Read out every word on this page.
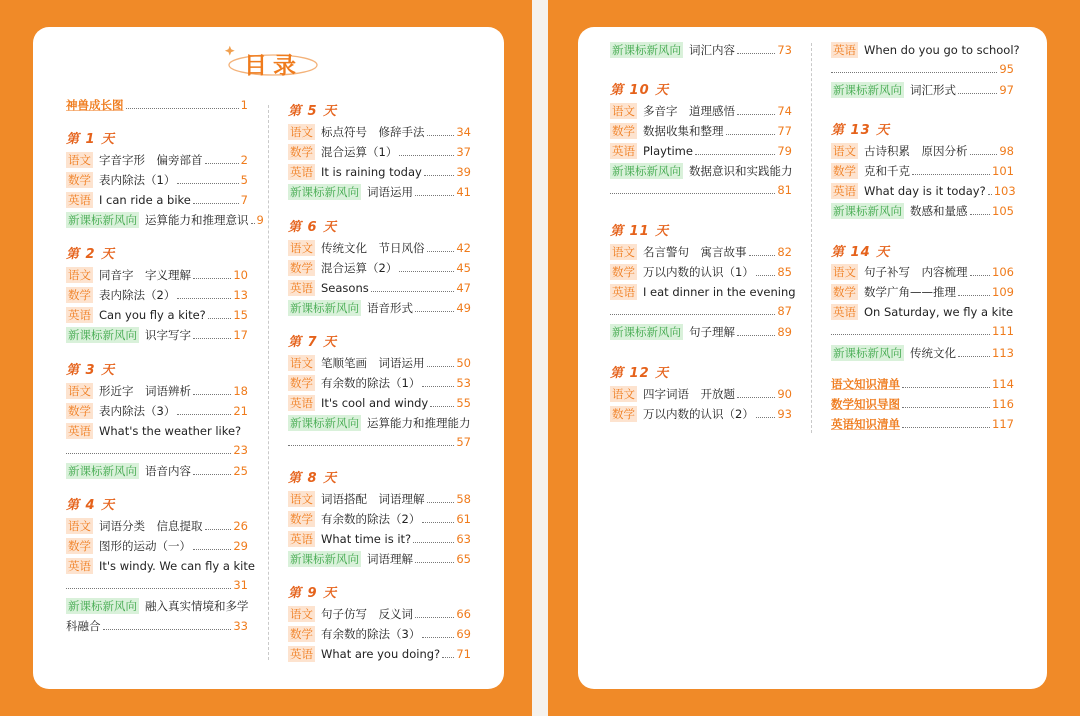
目录
神兽成长图	1
第 1 天
语文 字音字形　偏旁部首	2
数学 表内除法（1）	5
英语 I can ride a bike	7
新课标新风向 运算能力和推理意识 9
第 2 天
语文 同音字　字义理解	10
数学 表内除法（2）	13
英语 Can you fly a kite? 15
新课标新风向 识字写字	17
第 3 天
语文 形近字　词语辨析	18
数学 表内除法（3）	21
英语 What's the weather like?
23
新课标新风向 语音内容	25
第 4 天
语文 词语分类　信息提取	26
数学 图形的运动（一）	29
英语 It's windy. We can fly a kite
31
新课标新风向 融入真实情境和多学
科融合	33
第 5 天
语文 标点符号　修辞手法	34
数学 混合运算（1）	37
英语 It is raining today	39
新课标新风向 词语运用	41
第 6 天
语文 传统文化　节日风俗	42
数学 混合运算（2）	45
英语 Seasons	47
新课标新风向 语音形式	49
第 7 天
语文 笔顺笔画　词语运用	50
数学 有余数的除法（1）	53
英语 It's cool and windy 55
新课标新风向 运算能力和推理能力
57
第 8 天
语文 词语搭配　词语理解	58
数学 有余数的除法（2）	61
英语 What time is it?	63
新课标新风向 词语理解	65
第 9 天
语文 句子仿写　反义词	66
数学 有余数的除法（3）	69
英语 What are you doing? 71
新课标新风向 词汇内容	73
第 10 天
语文 多音字　道理感悟	74
数学 数据收集和整理	77
英语 Playtime	79
新课标新风向 数据意识和实践能力
81
第 11 天
语文 名言警句　寓言故事	82
数学 万以内数的认识（1） 85
英语 I eat dinner in the evening
87
新课标新风向 句子理解	89
第 12 天
语文 四字词语　开放题	90
数学 万以内数的认识（2） 93
英语 When do you go to school?
95
新课标新风向 词汇形式	97
第 13 天
语文 古诗积累　原因分析	98
数学 克和千克	101
英语 What day is it today? 103
新课标新风向 数感和量感 105
第 14 天
语文 句子补写　内容梳理 106
数学 数学广角——推理	109
英语 On Saturday, we fly a kite
111
新课标新风向 传统文化	113
语文知识清单	114
数学知识导图	116
英语知识清单	117
